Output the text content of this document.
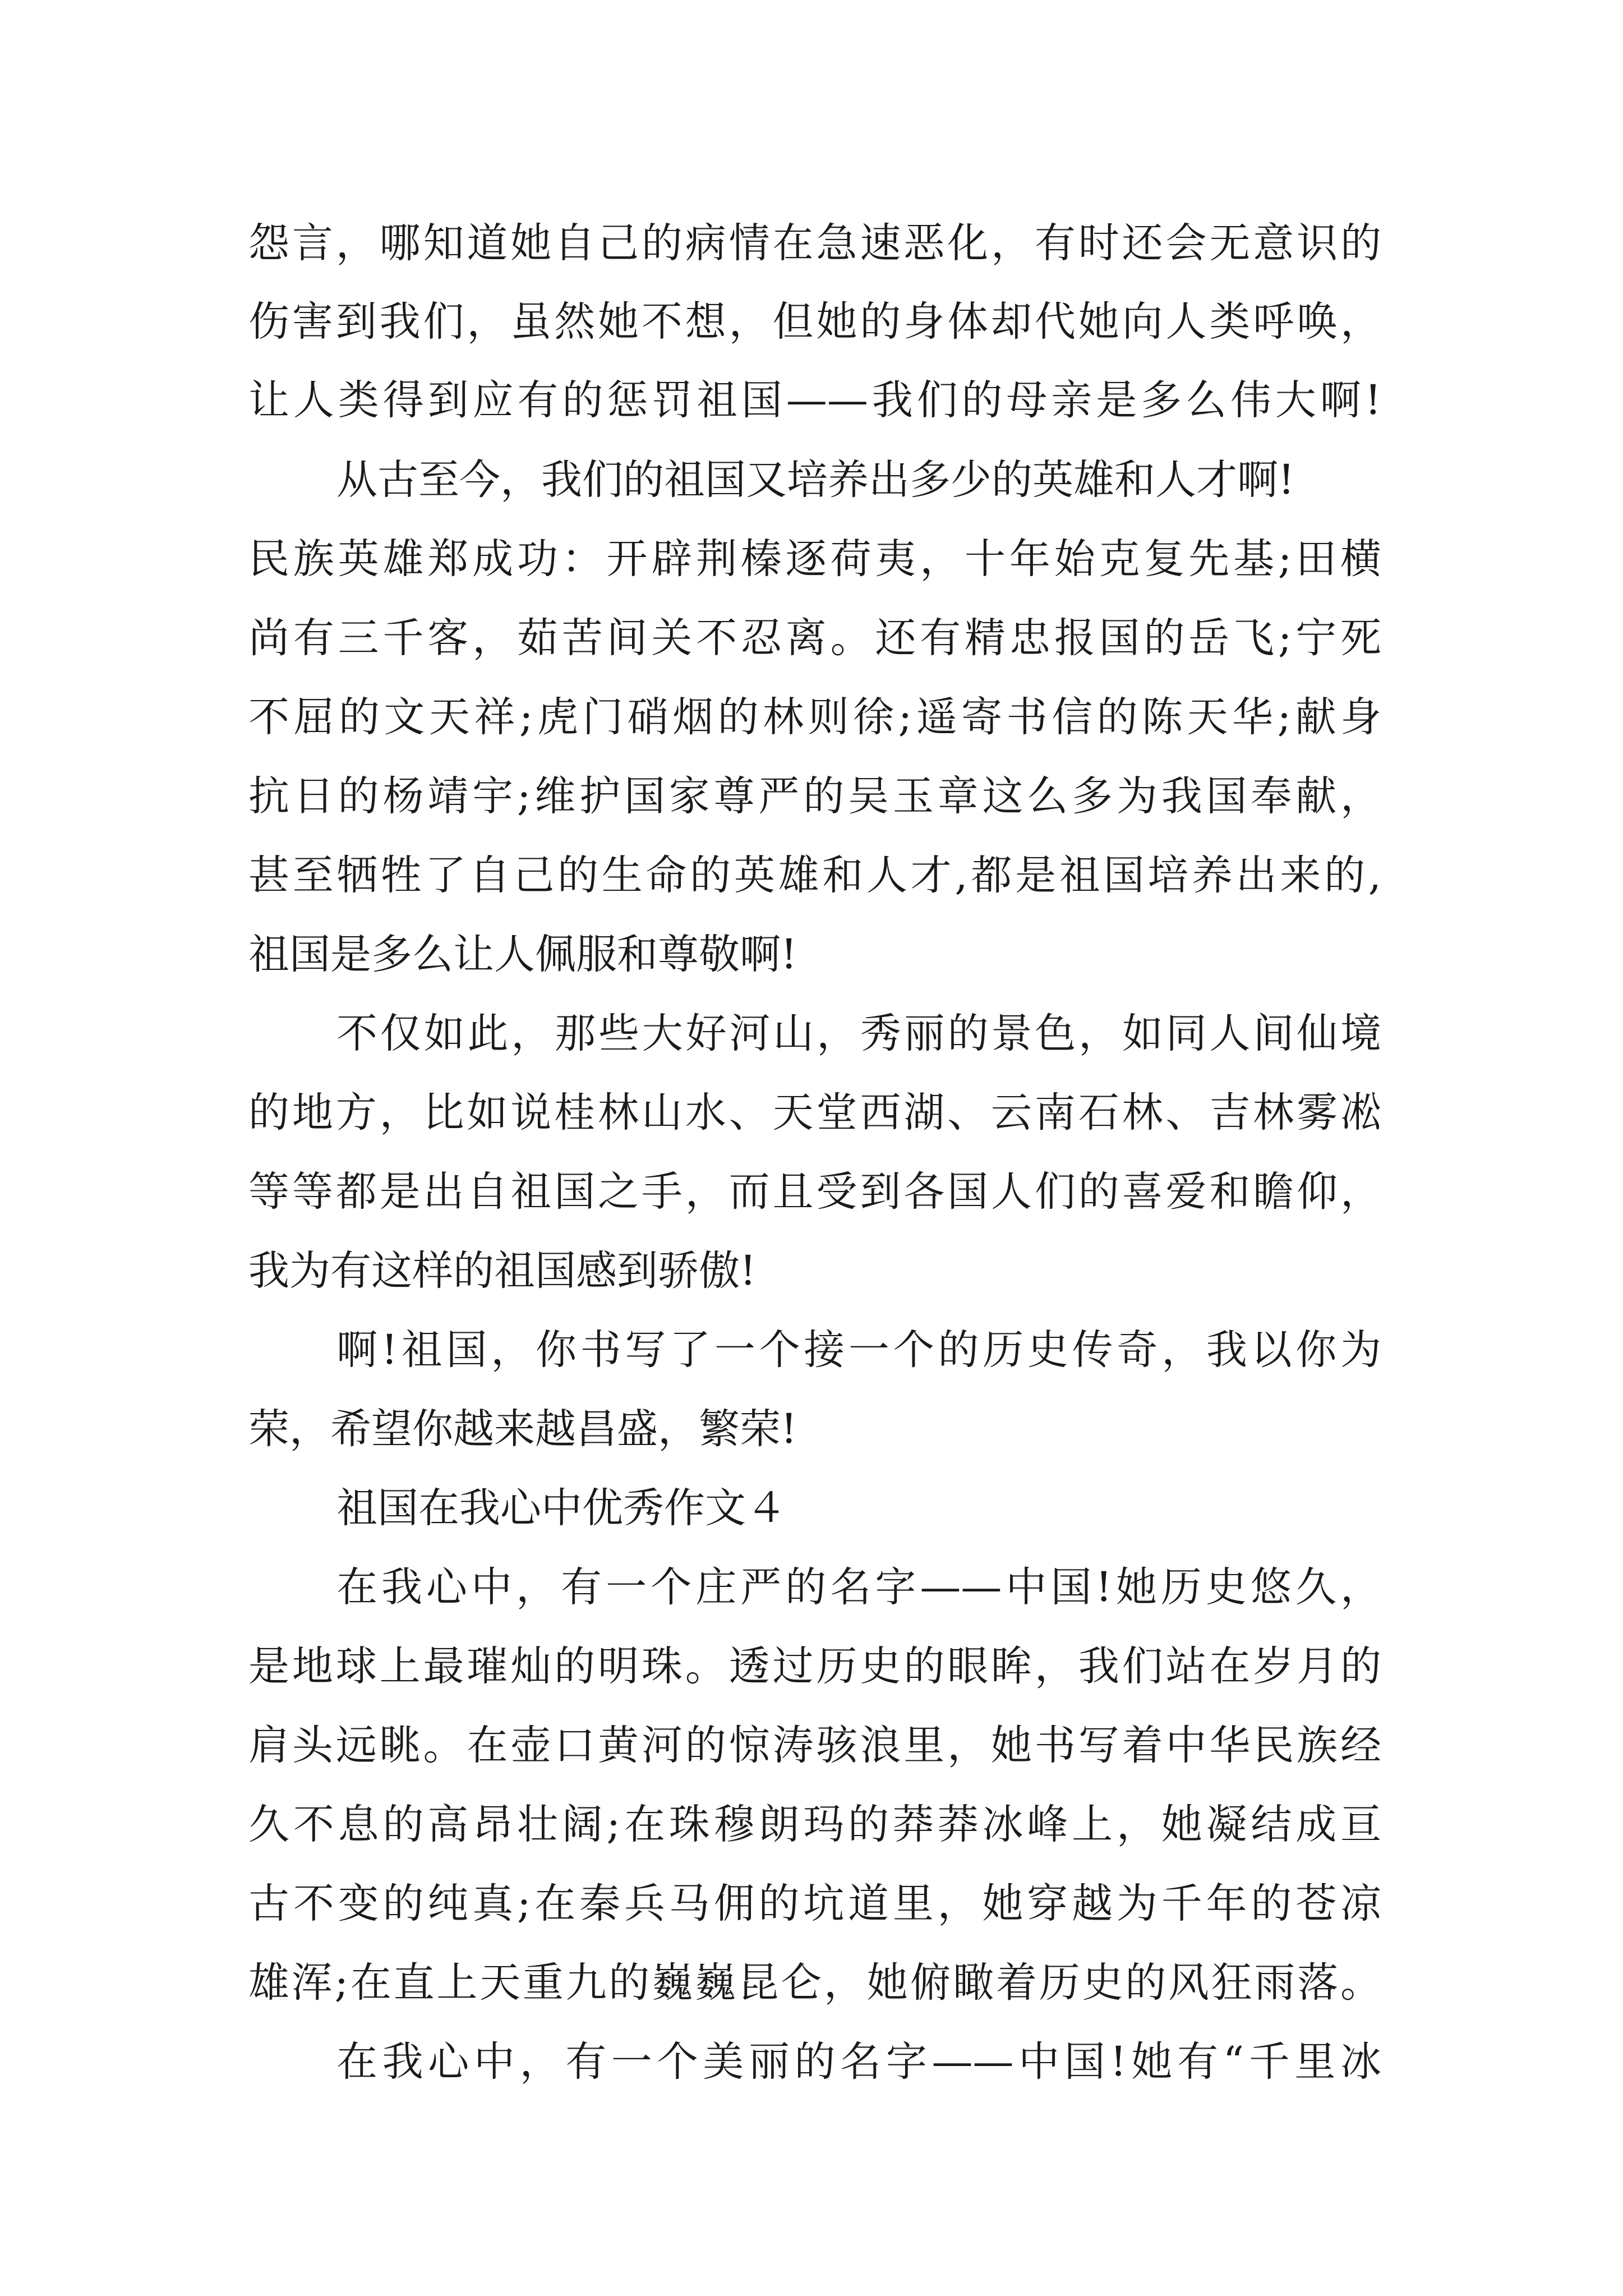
怨言，哪知道她自己的病情在急速恶化，有时还会无意识的

伤害到我们，虽然她不想，但她的身体却代她向人类呼唤，

让人类得到应有的惩罚祖国——我们的母亲是多么伟大啊!

从古至今，我们的祖国又培养出多少的英雄和人才啊!

民族英雄郑成功：开辟荆榛逐荷夷，十年始克复先基;田横

尚有三千客，茹苦间关不忍离。还有精忠报国的岳飞;宁死

不屈的文天祥;虎门硝烟的林则徐;遥寄书信的陈天华;献身

抗日的杨靖宇;维护国家尊严的吴玉章这么多为我国奉献，

甚至牺牲了自己的生命的英雄和人才,都是祖国培养出来的,

祖国是多么让人佩服和尊敬啊!

不仅如此，那些大好河山，秀丽的景色，如同人间仙境

的地方，比如说桂林山水、天堂西湖、云南石林、吉林雾凇

等等都是出自祖国之手，而且受到各国人们的喜爱和瞻仰，

我为有这样的祖国感到骄傲!

啊!祖国，你书写了一个接一个的历史传奇，我以你为

荣，希望你越来越昌盛，繁荣!

祖国在我心中优秀作文４

在我心中，有一个庄严的名字——中国!她历史悠久，

是地球上最璀灿的明珠。透过历史的眼眸，我们站在岁月的

肩头远眺。在壶口黄河的惊涛骇浪里，她书写着中华民族经

久不息的高昂壮阔;在珠穆朗玛的莽莽冰峰上，她凝结成亘

古不变的纯真;在秦兵马佣的坑道里，她穿越为千年的苍凉

雄浑;在直上天重九的巍巍昆仑，她俯瞰着历史的风狂雨落。

在我心中，有一个美丽的名字——中国!她有“千里冰
